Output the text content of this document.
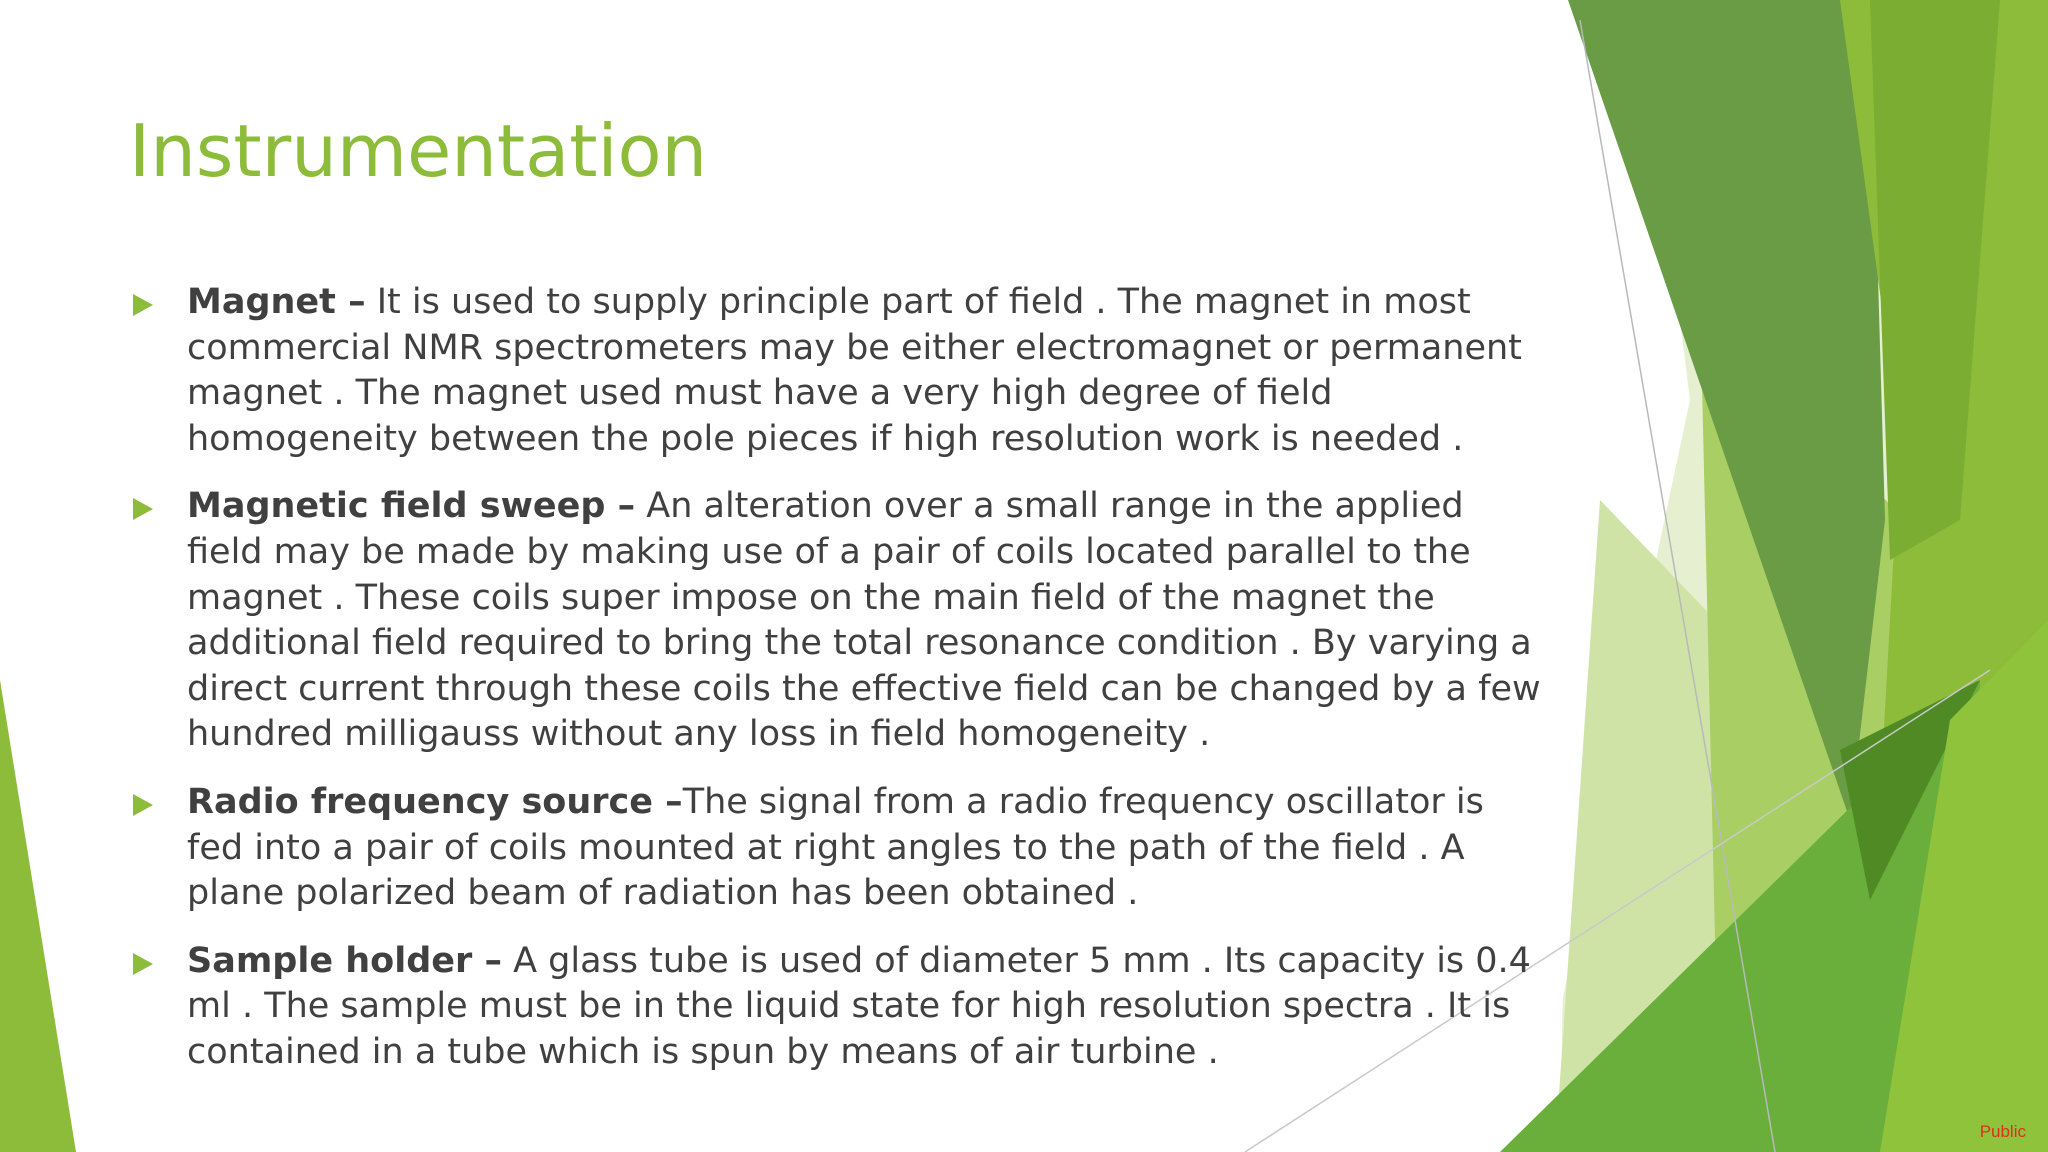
Instrumentation
Magnet – It is used to supply principle part of field . The magnet in most commercial NMR spectrometers may be either electromagnet or permanent magnet . The magnet used must have a very high degree of field homogeneity between the pole pieces if high resolution work is needed .
Magnetic field sweep – An alteration over a small range in the applied field may be made by making use of a pair of coils located parallel to the magnet . These coils super impose on the main field of the magnet the additional field required to bring the total resonance condition . By varying a direct current through these coils the effective field can be changed by a few hundred milligauss without any loss in field homogeneity .
Radio frequency source –The signal from a radio frequency oscillator is fed into a pair of coils mounted at right angles to the path of the field . A plane polarized beam of radiation has been obtained .
Sample holder – A glass tube is used of diameter 5 mm . Its capacity is 0.4 ml . The sample must be in the liquid state for high resolution spectra . It is contained in a tube which is spun by means of air turbine .
Public
